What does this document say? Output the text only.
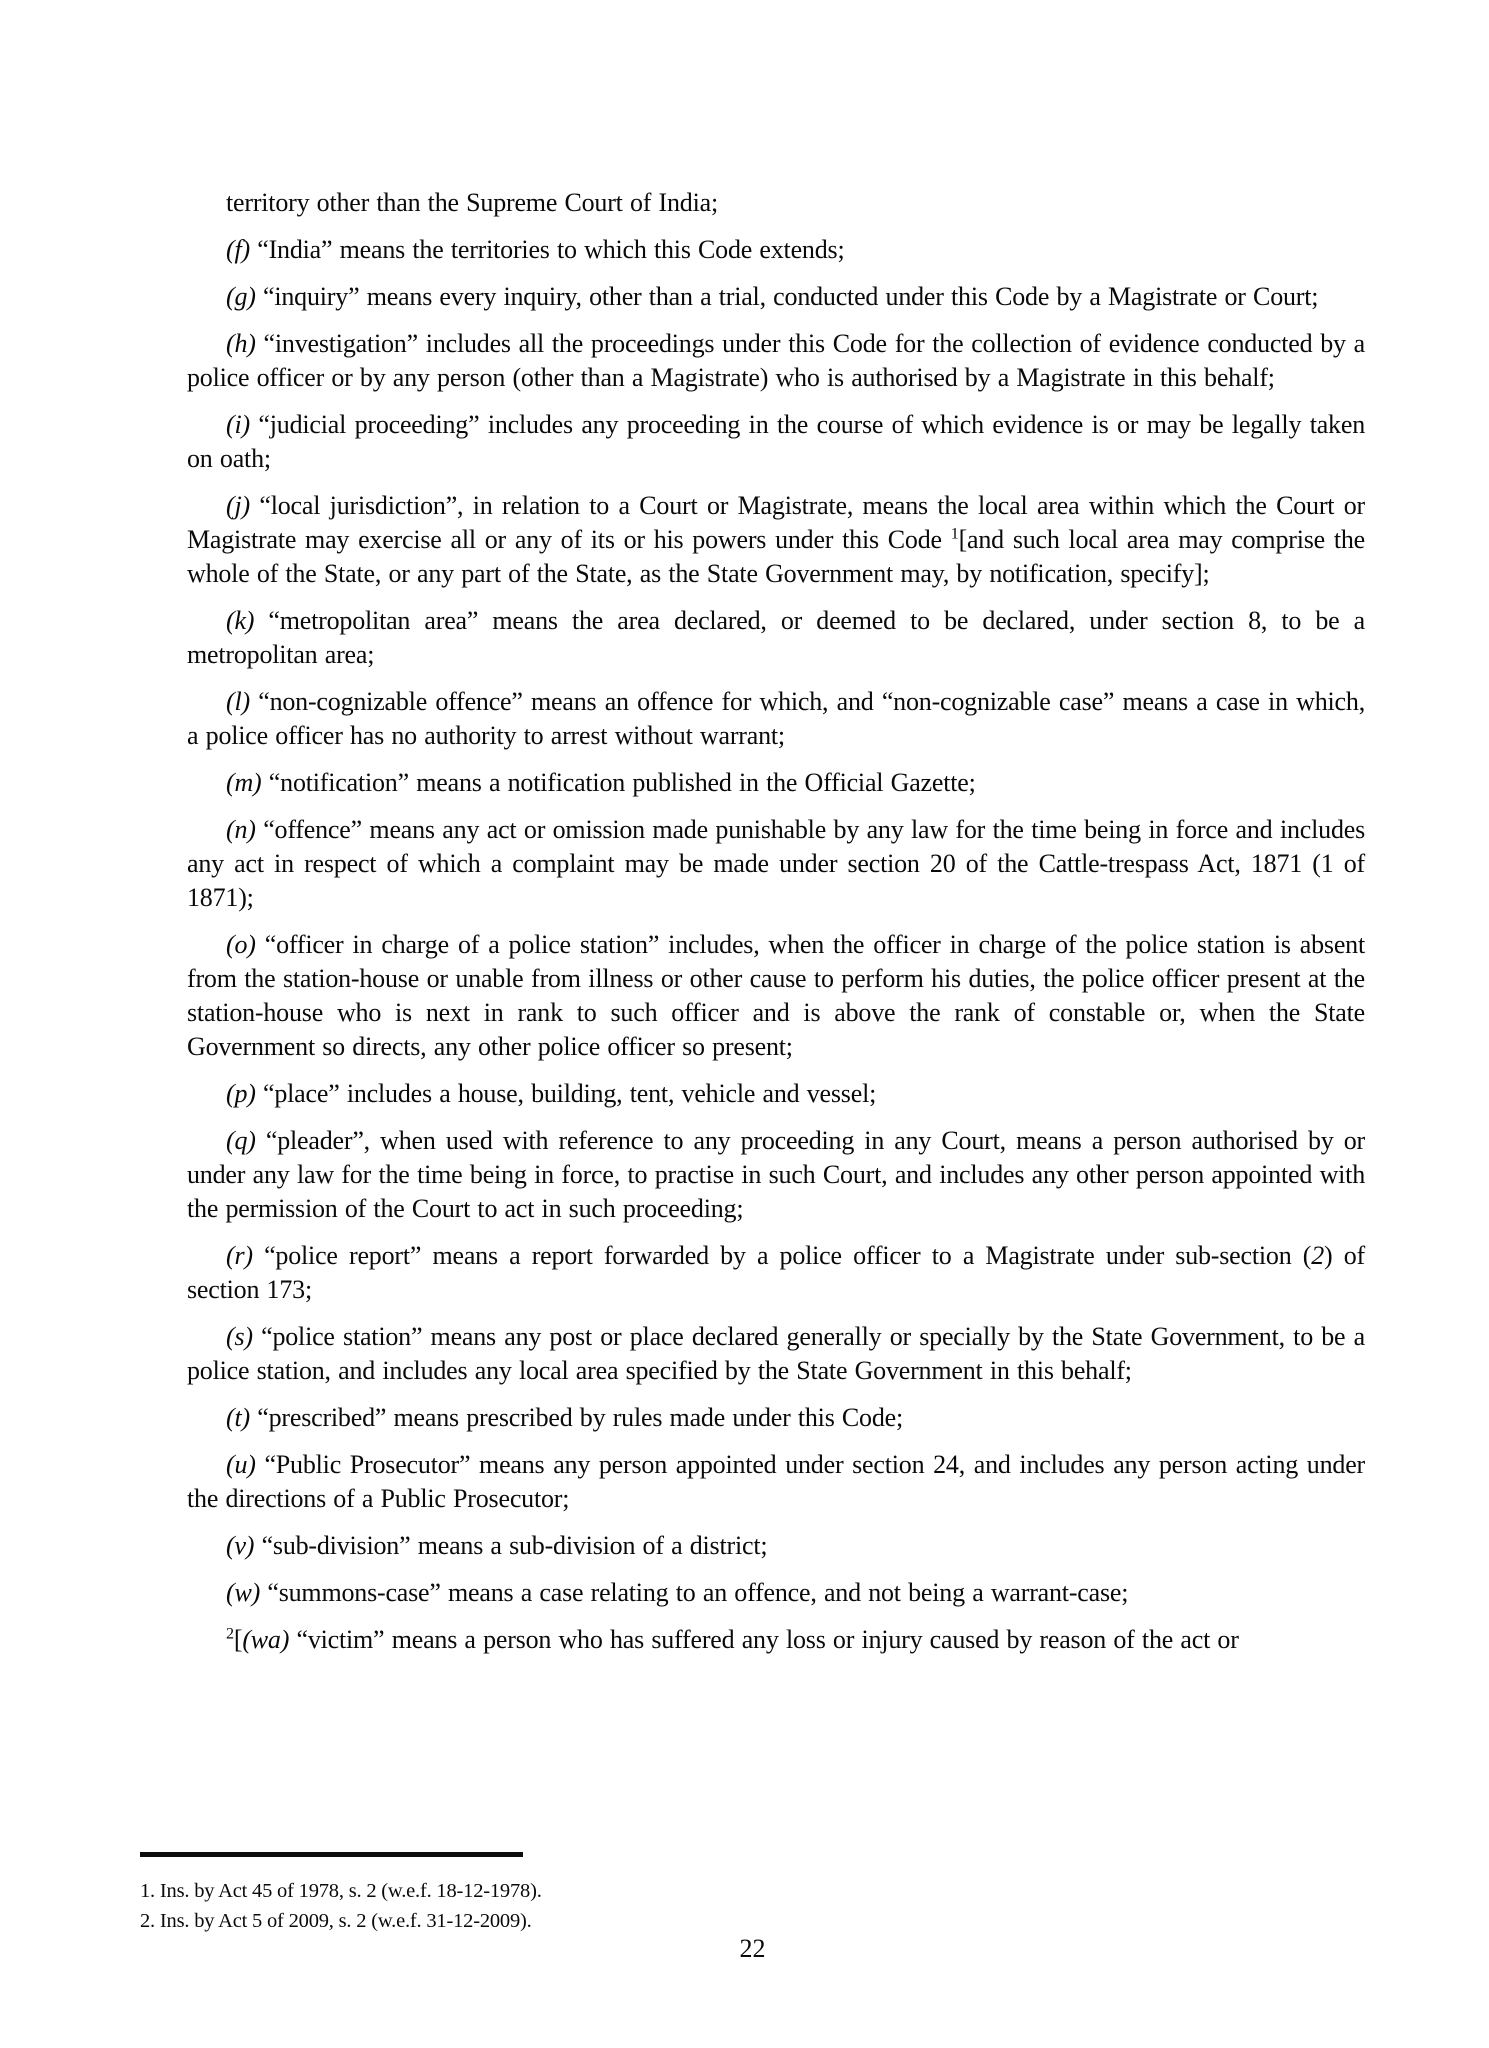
territory other than the Supreme Court of India;

(f) “India” means the territories to which this Code extends;

(g) “inquiry” means every inquiry, other than a trial, conducted under this Code by a Magistrate or Court;

(h) “investigation” includes all the proceedings under this Code for the collection of evidence conducted by a police officer or by any person (other than a Magistrate) who is authorised by a Magistrate in this behalf;

(i) “judicial proceeding” includes any proceeding in the course of which evidence is or may be legally taken on oath;

(j) “local jurisdiction”, in relation to a Court or Magistrate, means the local area within which the Court or Magistrate may exercise all or any of its or his powers under this Code $^1$[and such local area may comprise the whole of the State, or any part of the State, as the State Government may, by notification, specify];

(k) “metropolitan area” means the area declared, or deemed to be declared, under section 8, to be a metropolitan area;

(l) “non-cognizable offence” means an offence for which, and “non-cognizable case” means a case in which, a police officer has no authority to arrest without warrant;

(m) “notification” means a notification published in the Official Gazette;

(n) “offence” means any act or omission made punishable by any law for the time being in force and includes any act in respect of which a complaint may be made under section 20 of the Cattle-trespass Act, 1871 (1 of 1871);

(o) “officer in charge of a police station” includes, when the officer in charge of the police station is absent from the station-house or unable from illness or other cause to perform his duties, the police officer present at the station-house who is next in rank to such officer and is above the rank of constable or, when the State Government so directs, any other police officer so present;

(p) “place” includes a house, building, tent, vehicle and vessel;

(q) “pleader”, when used with reference to any proceeding in any Court, means a person authorised by or under any law for the time being in force, to practise in such Court, and includes any other person appointed with the permission of the Court to act in such proceeding;

(r) “police report” means a report forwarded by a police officer to a Magistrate under sub-section (2) of section 173;

(s) “police station” means any post or place declared generally or specially by the State Government, to be a police station, and includes any local area specified by the State Government in this behalf;

(t) “prescribed” means prescribed by rules made under this Code;

(u) “Public Prosecutor” means any person appointed under section 24, and includes any person acting under the directions of a Public Prosecutor;

(v) “sub-division” means a sub-division of a district;

(w) “summons-case” means a case relating to an offence, and not being a warrant-case;

$^2$[(wa) “victim” means a person who has suffered any loss or injury caused by reason of the act or

1. Ins. by Act 45 of 1978, s. 2 (w.e.f. 18-12-1978).

2. Ins. by Act 5 of 2009, s. 2 (w.e.f. 31-12-2009).

22
